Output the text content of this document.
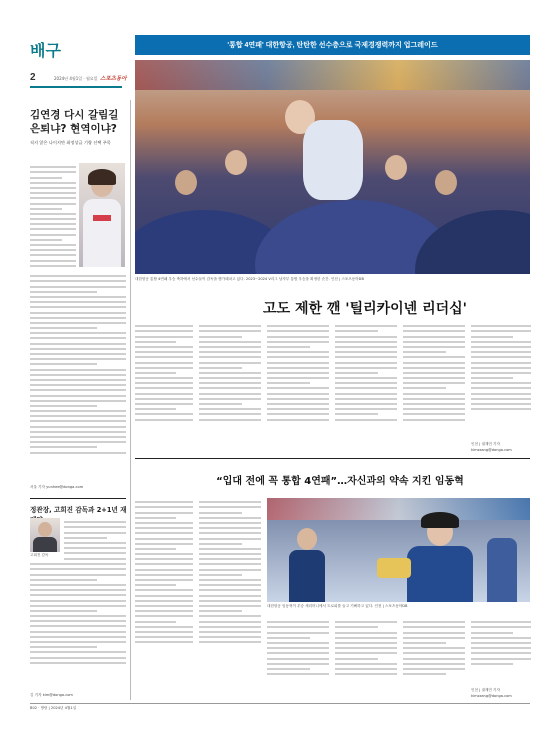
배구
2	2024년 4월1일 · 월요일 스포츠동아
'통합 4연패' 대한항공, 탄탄한 선수층으로 국제경쟁력까지 업그레이드
김연경 다시 갈림길
은퇴냐? 현역이냐?
직지 않은 나이지만 최정상급 기량 선택 주목
서울 기자 yunhee@donga.com
정관장, 고희진 감독과 2+1년 재
고희진 감독
김 기자 kim@donga.com
대한항공 통합 4연패 우승 축하에서 선수들이 감독을 헹가래치고 있다. 2023~2024 V리그 남자부 통합 우승을 확정한 순간. 인천 | 스포츠동아DB
고도 제한 깬 '틸리카이넨 리더십'
인천 | 권재민 기자 kimzzang@donga.com
“입대 전에 꼭 통합 4연패”…자신과의 약속 지킨 임동혁
대한항공 임동혁이 우승 세리머니에서 트로피를 들고 기뻐하고 있다. 인천 | 스포츠동아DB
인천 | 권재민 기자 kimzzang@donga.com
B02 · 명랑 | 2024년 4월1일
